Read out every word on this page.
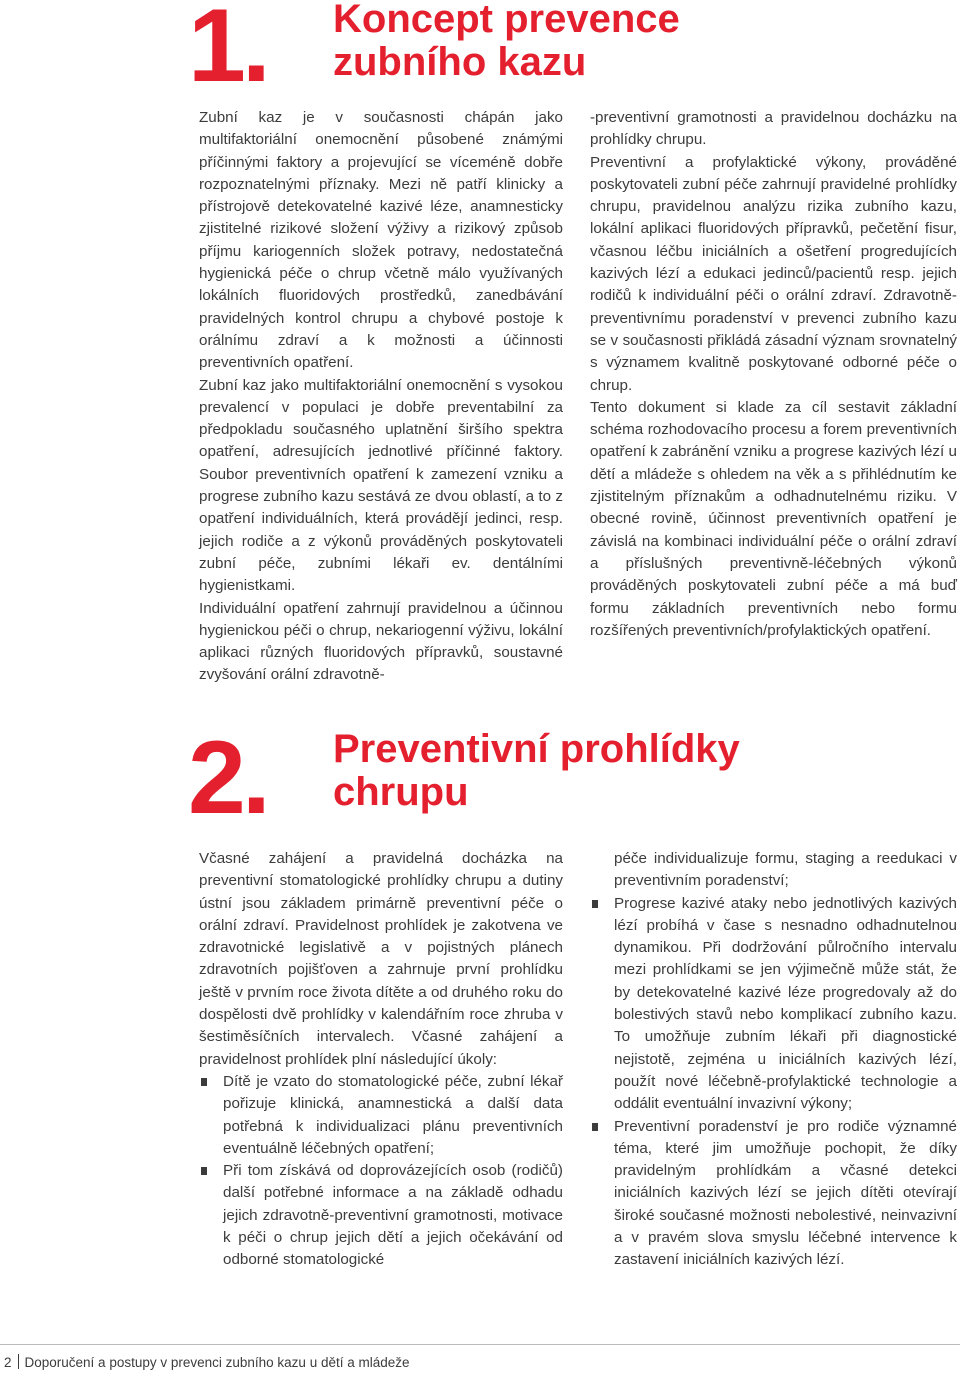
1. Koncept prevence
zubního kazu

Zubní kaz je v současnosti chápán jako multifaktoriální onemocnění působené známými příčinnými faktory a projevující se víceméně dobře rozpoznatelnými příznaky. Mezi ně patří klinicky a přístrojově detekovatelné kazivé léze, anamnesticky zjistitelné rizikové složení výživy a rizikový způsob příjmu kariogenních složek potravy, nedostatečná hygienická péče o chrup včetně málo využívaných lokálních fluoridových prostředků, zanedbávání pravidelných kontrol chrupu a chybové postoje k orálnímu zdraví a k možnosti a účinnosti preventivních opatření.

Zubní kaz jako multifaktoriální onemocnění s vysokou prevalencí v populaci je dobře preventabilní za předpokladu současného uplatnění širšího spektra opatření, adresujících jednotlivé příčinné faktory. Soubor preventivních opatření k zamezení vzniku a progrese zubního kazu sestává ze dvou oblastí, a to z opatření individuálních, která provádějí jedinci, resp. jejich rodiče a z výkonů prováděných poskytovateli zubní péče, zubními lékaři ev. dentálními hygienistkami.

Individuální opatření zahrnují pravidelnou a účinnou hygienickou péči o chrup, nekariogenní výživu, lokální aplikaci různých fluoridových přípravků, soustavné zvyšování orální zdravotně-

-preventivní gramotnosti a pravidelnou docházku na prohlídky chrupu.

Preventivní a profylaktické výkony, prováděné poskytovateli zubní péče zahrnují pravidelné prohlídky chrupu, pravidelnou analýzu rizika zubního kazu, lokální aplikaci fluoridových přípravků, pečetění fisur, včasnou léčbu iniciálních a ošetření progredujících kazivých lézí a edukaci jedinců/pacientů resp. jejich rodičů k individuální péči o orální zdraví. Zdravotně-preventivnímu poradenství v prevenci zubního kazu se v současnosti přikládá zásadní význam srovnatelný s významem kvalitně poskytované odborné péče o chrup.

Tento dokument si klade za cíl sestavit základní schéma rozhodovacího procesu a forem preventivních opatření k zabránění vzniku a progrese kazivých lézí u dětí a mládeže s ohledem na věk a s přihlédnutím ke zjistitelným příznakům a odhadnutelnému riziku. V obecné rovině, účinnost preventivních opatření je závislá na kombinaci individuální péče o orální zdraví a příslušných preventivně-léčebných výkonů prováděných poskytovateli zubní péče a má buď formu základních preventivních nebo formu rozšířených preventivních/profylaktických opatření.

2. Preventivní prohlídky
chrupu

Včasné zahájení a pravidelná docházka na preventivní stomatologické prohlídky chrupu a dutiny ústní jsou základem primárně preventivní péče o orální zdraví. Pravidelnost prohlídek je zakotvena ve zdravotnické legislativě a v pojistných plánech zdravotních pojišťoven a zahrnuje první prohlídku ještě v prvním roce života dítěte a od druhého roku do dospělosti dvě prohlídky v kalendářním roce zhruba v šestiměsíčních intervalech. Včasné zahájení a pravidelnost prohlídek plní následující úkoly:

Dítě je vzato do stomatologické péče, zubní lékař pořizuje klinická, anamnestická a další data potřebná k individualizaci plánu preventivních eventuálně léčebných opatření;
Při tom získává od doprovázejících osob (rodičů) další potřebné informace a na základě odhadu jejich zdravotně-preventivní gramotnosti, motivace k péči o chrup jejich dětí a jejich očekávání od odborné stomatologické
péče individualizuje formu, staging a reedukaci v preventivním poradenství;
Progrese kazivé ataky nebo jednotlivých kazivých lézí probíhá v čase s nesnadno odhadnutelnou dynamikou. Při dodržování půlročního intervalu mezi prohlídkami se jen výjimečně může stát, že by detekovatelné kazivé léze progredovaly až do bolestivých stavů nebo komplikací zubního kazu. To umožňuje zubním lékaři při diagnostické nejistotě, zejména u iniciálních kazivých lézí, použít nové léčebně-profylaktické technologie a oddálit eventuální invazivní výkony;
Preventivní poradenství je pro rodiče významné téma, které jim umožňuje pochopit, že díky pravidelným prohlídkám a včasné detekci iniciálních kazivých lézí se jejich dítěti otevírají široké současné možnosti nebolestivé, neinvazivní a v pravém slova smyslu léčebné intervence k zastavení iniciálních kazivých lézí.
2 Doporučení a postupy v prevenci zubního kazu u dětí a mládeže
